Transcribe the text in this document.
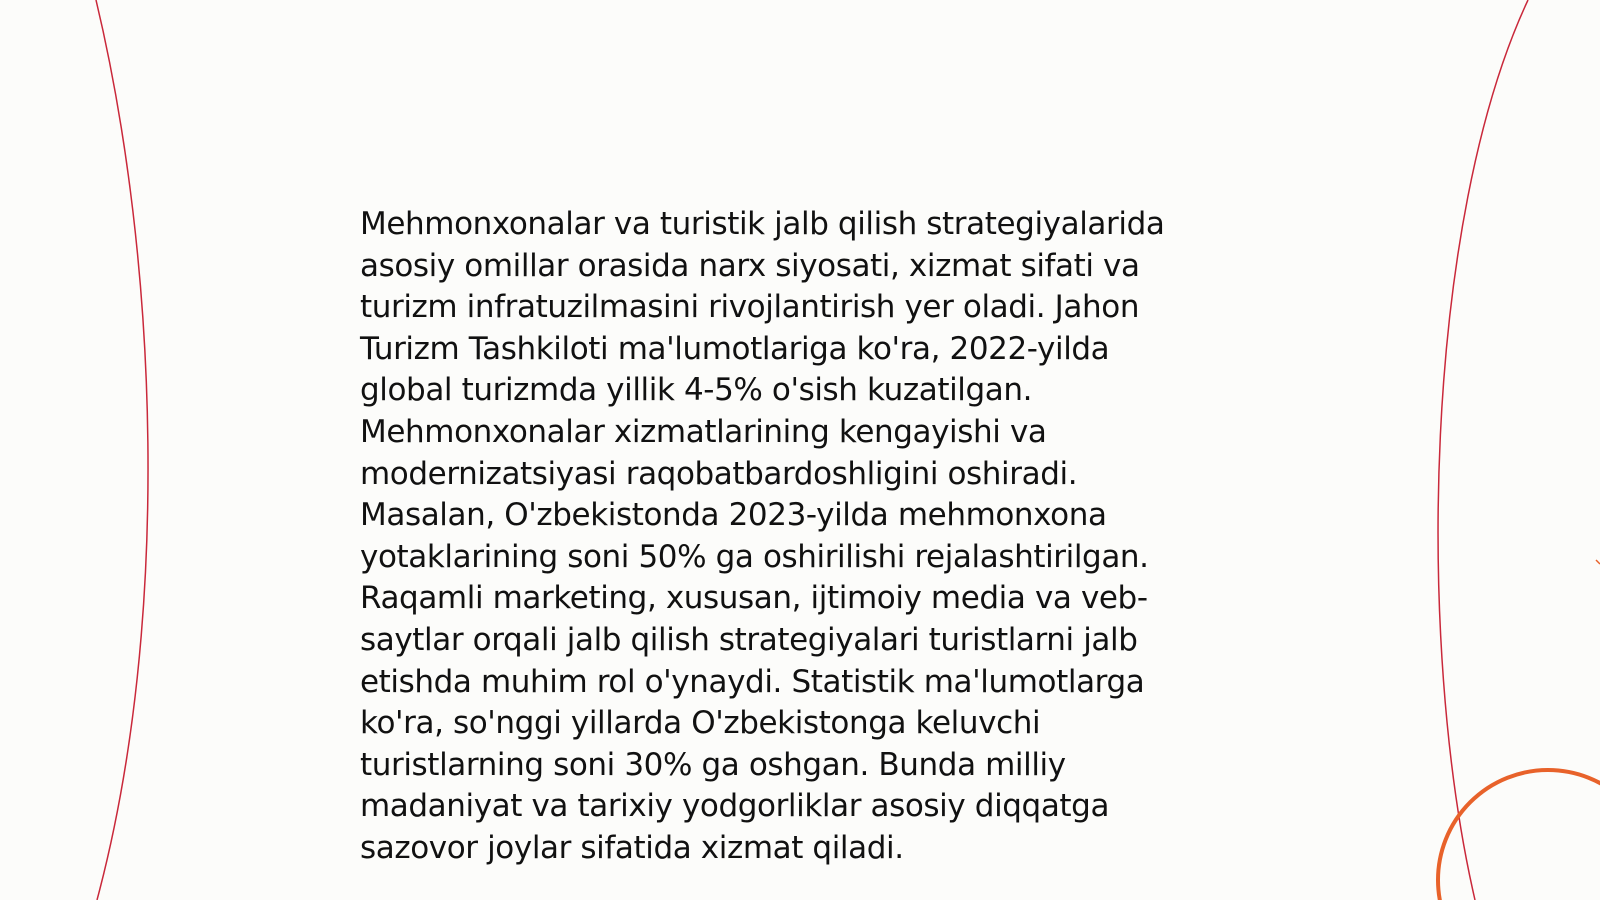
Mehmonxonalar va turistik jalb qilish strategiyalarida
asosiy omillar orasida narx siyosati, xizmat sifati va
turizm infratuzilmasini rivojlantirish yer oladi. Jahon
Turizm Tashkiloti ma'lumotlariga ko'ra, 2022-yilda
global turizmda yillik 4-5% o'sish kuzatilgan.
Mehmonxonalar xizmatlarining kengayishi va
modernizatsiyasi raqobatbardoshligini oshiradi.
Masalan, O'zbekistonda 2023-yilda mehmonxona
yotaklarining soni 50% ga oshirilishi rejalashtirilgan.
Raqamli marketing, xususan, ijtimoiy media va veb-
saytlar orqali jalb qilish strategiyalari turistlarni jalb
etishda muhim rol o'ynaydi. Statistik ma'lumotlarga
ko'ra, so'nggi yillarda O'zbekistonga keluvchi
turistlarning soni 30% ga oshgan. Bunda milliy
madaniyat va tarixiy yodgorliklar asosiy diqqatga
sazovor joylar sifatida xizmat qiladi.
